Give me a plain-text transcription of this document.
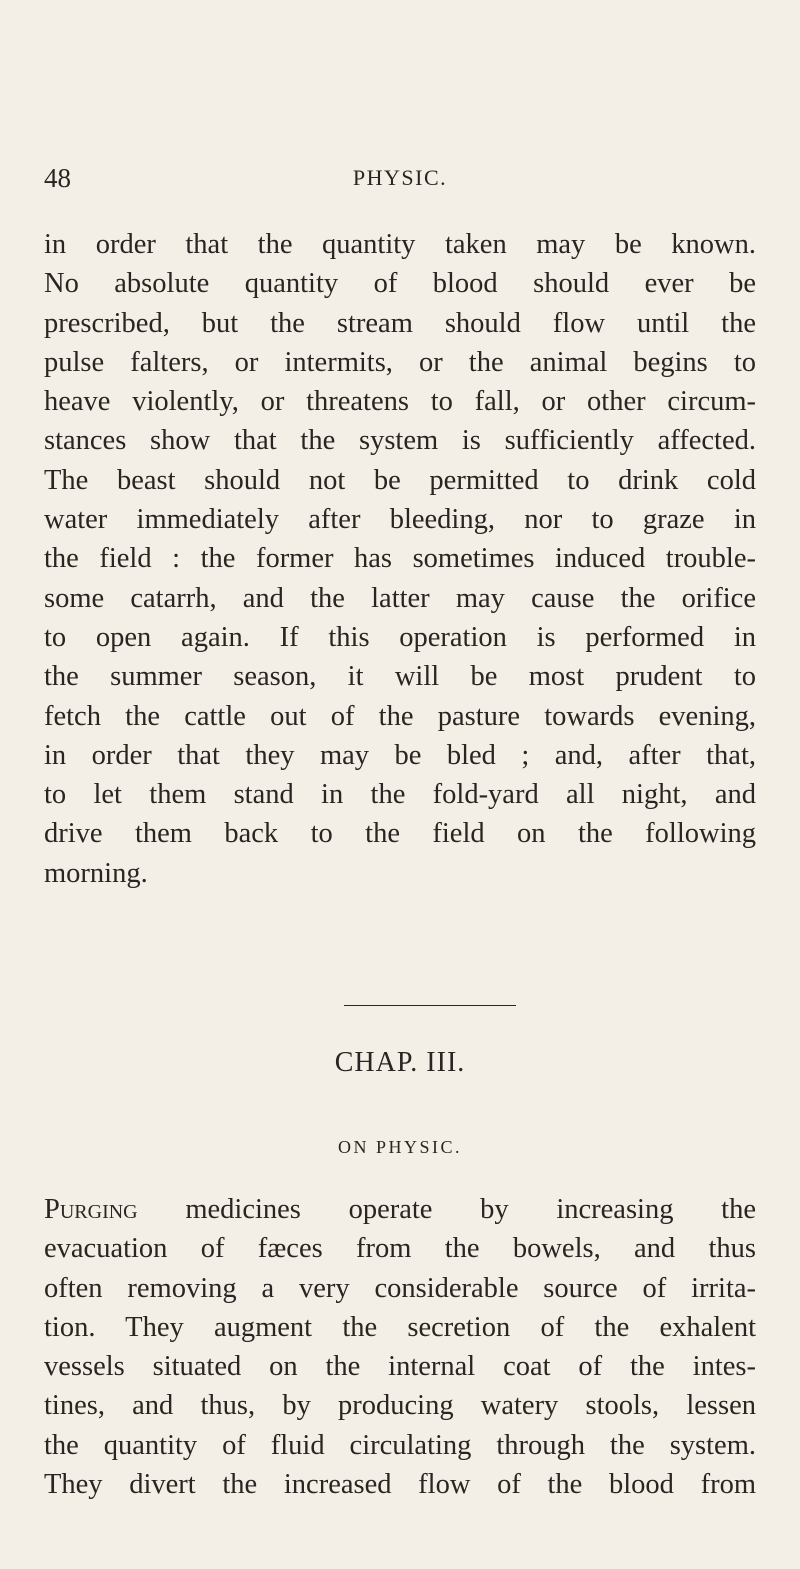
48	PHYSIC.
in order that the quantity taken may be known.
No absolute quantity of blood should ever be
prescribed, but the stream should flow until the
pulse falters, or intermits, or the animal begins to
heave violently, or threatens to fall, or other circum-
stances show that the system is sufficiently affected.
The beast should not be permitted to drink cold
water immediately after bleeding, nor to graze in
the field : the former has sometimes induced trouble-
some catarrh, and the latter may cause the orifice
to open again. If this operation is performed in
the summer season, it will be most prudent to
fetch the cattle out of the pasture towards evening,
in order that they may be bled ; and, after that,
to let them stand in the fold-yard all night, and
drive them back to the field on the following
morning.
CHAP. III.
ON PHYSIC.
Purging medicines operate by increasing the
evacuation of fæces from the bowels, and thus
often removing a very considerable source of irrita-
tion. They augment the secretion of the exhalent
vessels situated on the internal coat of the intes-
tines, and thus, by producing watery stools, lessen
the quantity of fluid circulating through the system.
They divert the increased flow of the blood from
